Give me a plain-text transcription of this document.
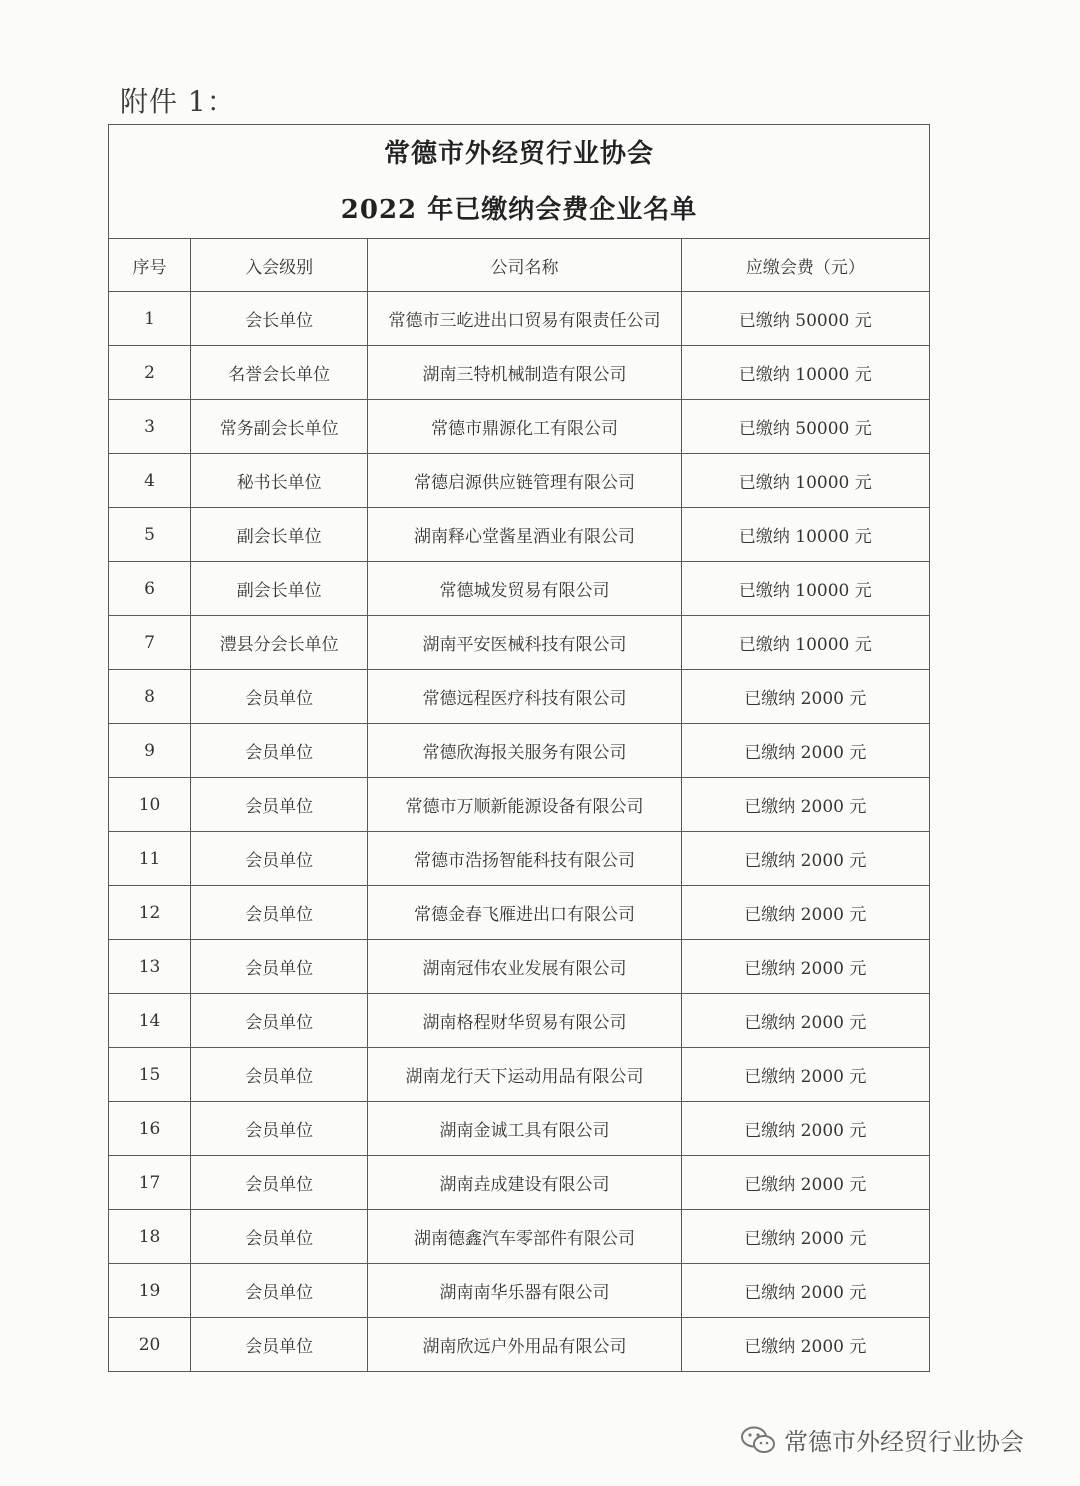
附件 1：
常德市外经贸行业协会
2022 年已缴纳会费企业名单			

序号	入会级别	公司名称	应缴会费（元）
1	会长单位	常德市三屹进出口贸易有限责任公司	已缴纳 50000 元
2	名誉会长单位	湖南三特机械制造有限公司	已缴纳 10000 元
3	常务副会长单位	常德市鼎源化工有限公司	已缴纳 50000 元
4	秘书长单位	常德启源供应链管理有限公司	已缴纳 10000 元
5	副会长单位	湖南释心堂酱星酒业有限公司	已缴纳 10000 元
6	副会长单位	常德城发贸易有限公司	已缴纳 10000 元
7	澧县分会长单位	湖南平安医械科技有限公司	已缴纳 10000 元
8	会员单位	常德远程医疗科技有限公司	已缴纳 2000 元
9	会员单位	常德欣海报关服务有限公司	已缴纳 2000 元
10	会员单位	常德市万顺新能源设备有限公司	已缴纳 2000 元
11	会员单位	常德市浩扬智能科技有限公司	已缴纳 2000 元
12	会员单位	常德金春飞雁进出口有限公司	已缴纳 2000 元
13	会员单位	湖南冠伟农业发展有限公司	已缴纳 2000 元
14	会员单位	湖南格程财华贸易有限公司	已缴纳 2000 元
15	会员单位	湖南龙行天下运动用品有限公司	已缴纳 2000 元
16	会员单位	湖南金诚工具有限公司	已缴纳 2000 元
17	会员单位	湖南垚成建设有限公司	已缴纳 2000 元
18	会员单位	湖南德鑫汽车零部件有限公司	已缴纳 2000 元
19	会员单位	湖南南华乐器有限公司	已缴纳 2000 元
20	会员单位	湖南欣远户外用品有限公司	已缴纳 2000 元
常德市外经贸行业协会
